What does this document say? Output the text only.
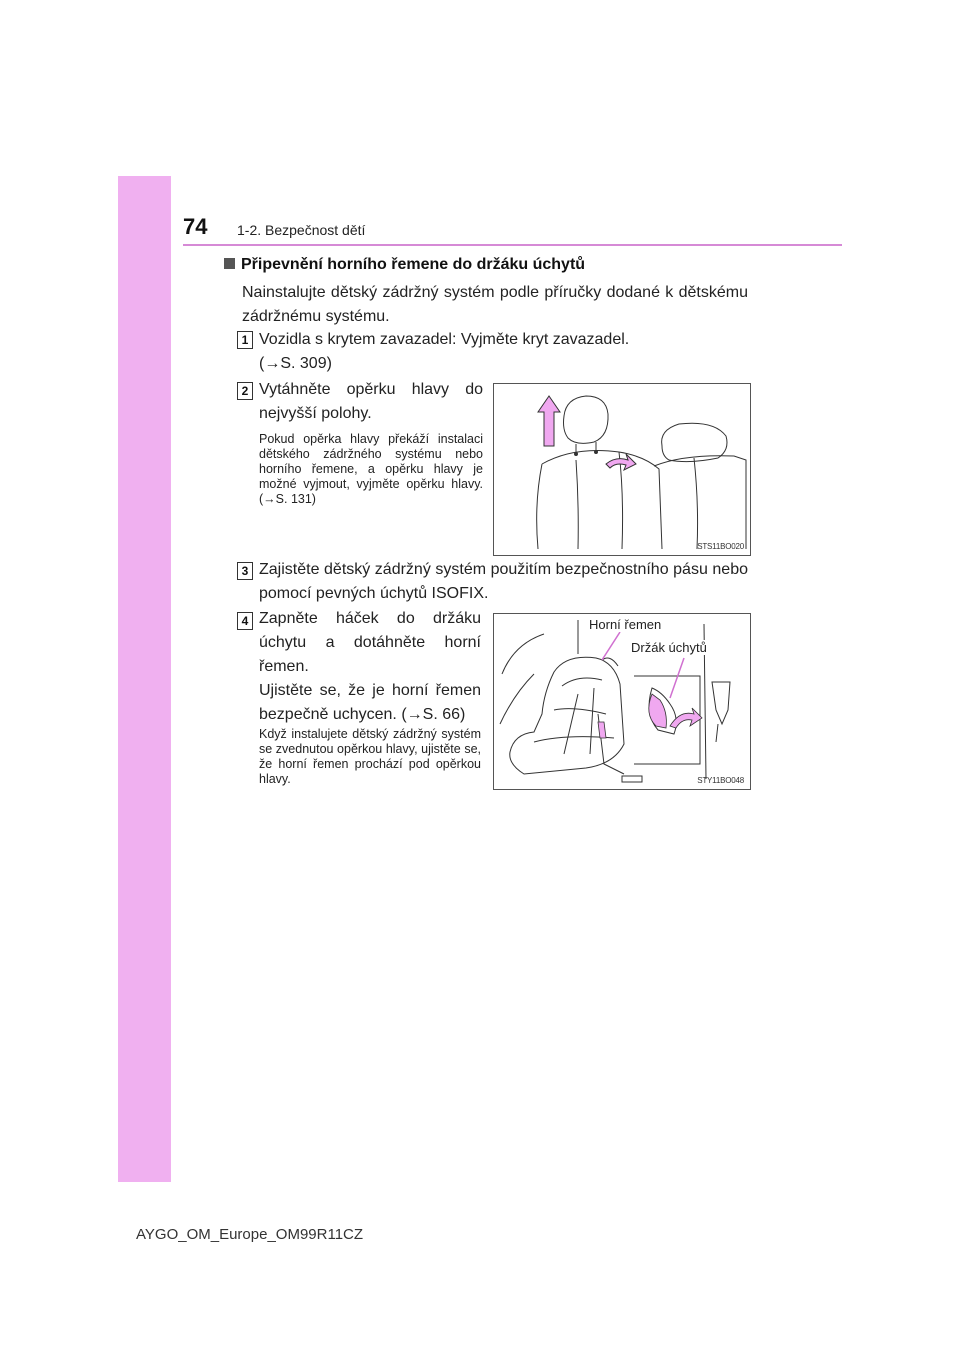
74 1-2. Bezpečnost dětí
Připevnění horního řemene do držáku úchytů
Nainstalujte dětský zádržný systém podle příručky dodané k dětskému zádržnému systému.
1 Vozidla s krytem zavazadel: Vyjměte kryt zavazadel.
(→S. 309)
2 Vytáhněte opěrku hlavy do nejvyšší polohy.
Pokud opěrka hlavy překáží instalaci dětského zádržného systému nebo horního řemene, a opěrku hlavy je možné vyjmout, vyjměte opěrku hlavy. (→S. 131)
STS11BO020
3 Zajistěte dětský zádržný systém použitím bezpečnostního pásu nebo pomocí pevných úchytů ISOFIX.
4 Zapněte háček do držáku úchytu a dotáhněte horní řemen.
Ujistěte se, že je horní řemen bezpečně uchycen. (→S. 66)
Když instalujete dětský zádržný systém se zvednutou opěrkou hlavy, ujistěte se, že horní řemen prochází pod opěrkou hlavy.
Horní řemen
Držák úchytů
STY11BO048
AYGO_OM_Europe_OM99R11CZ
